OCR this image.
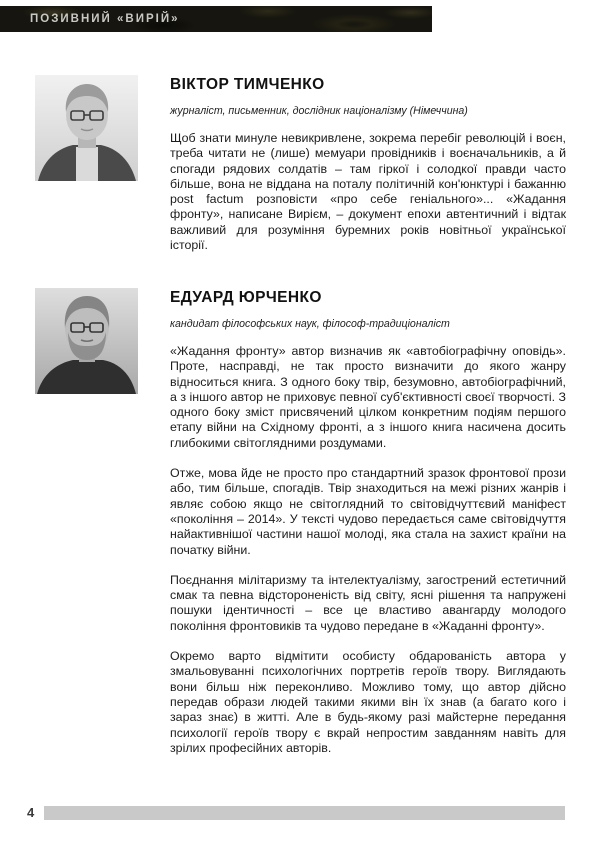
ПОЗИВНИЙ «ВИРІЙ»
ВІКТОР ТИМЧЕНКО

журналіст, письменник, дослідник націоналізму (Німеччина)

Щоб знати минуле невикривлене, зокрема перебіг революцій і воєн, треба читати не (лише) мемуари провідників і воєначальників, а й спогади рядових солдатів – там гіркої і солодкої правди часто більше, вона не віддана на поталу політичній кон'юнктурі і бажанню post factum розповісти «про себе геніального»... «Жадання фронту», написане Вирієм, – документ епохи автентичний і відтак важливий для розуміння буремних років новітньої української історії.

ЕДУАРД ЮРЧЕНКО

кандидат філософських наук, філософ-традиціоналіст

«Жадання фронту» автор визначив як «автобіографічну оповідь». Проте, насправді, не так просто визначити до якого жанру відноситься книга. З одного боку твір, безумовно, автобіографічний, а з іншого автор не приховує певної суб'єктивності своєї творчості. З одного боку зміст присвячений цілком конкретним подіям першого етапу війни на Східному фронті, а з іншого книга насичена досить глибокими світоглядними роздумами.

Отже, мова йде не просто про стандартний зразок фронтової прози або, тим більше, спогадів. Твір знаходиться на межі різних жанрів і являє собою якщо не світоглядний то світовідчуттєвий маніфест «покоління – 2014». У тексті чудово передається саме світовідчуття найактивнішої частини нашої молоді, яка стала на захист країни на початку війни.

Поєднання мілітаризму та інтелектуалізму, загострений естетичний смак та певна відстороненість від світу, ясні рішення та напружені пошуки ідентичності – все це властиво авангарду молодого покоління фронтовиків та чудово передане в «Жаданні фронту».

Окремо варто відмітити особисту обдарованість автора у змальовуванні психологічних портретів героїв твору. Виглядають вони більш ніж переконливо. Можливо тому, що автор дійсно передав образи людей такими якими він їх знав (а багато кого і зараз знає) в житті. Але в будь-якому разі майстерне передання психології героїв твору є вкрай непростим завданням навіть для зрілих професійних авторів.

4
